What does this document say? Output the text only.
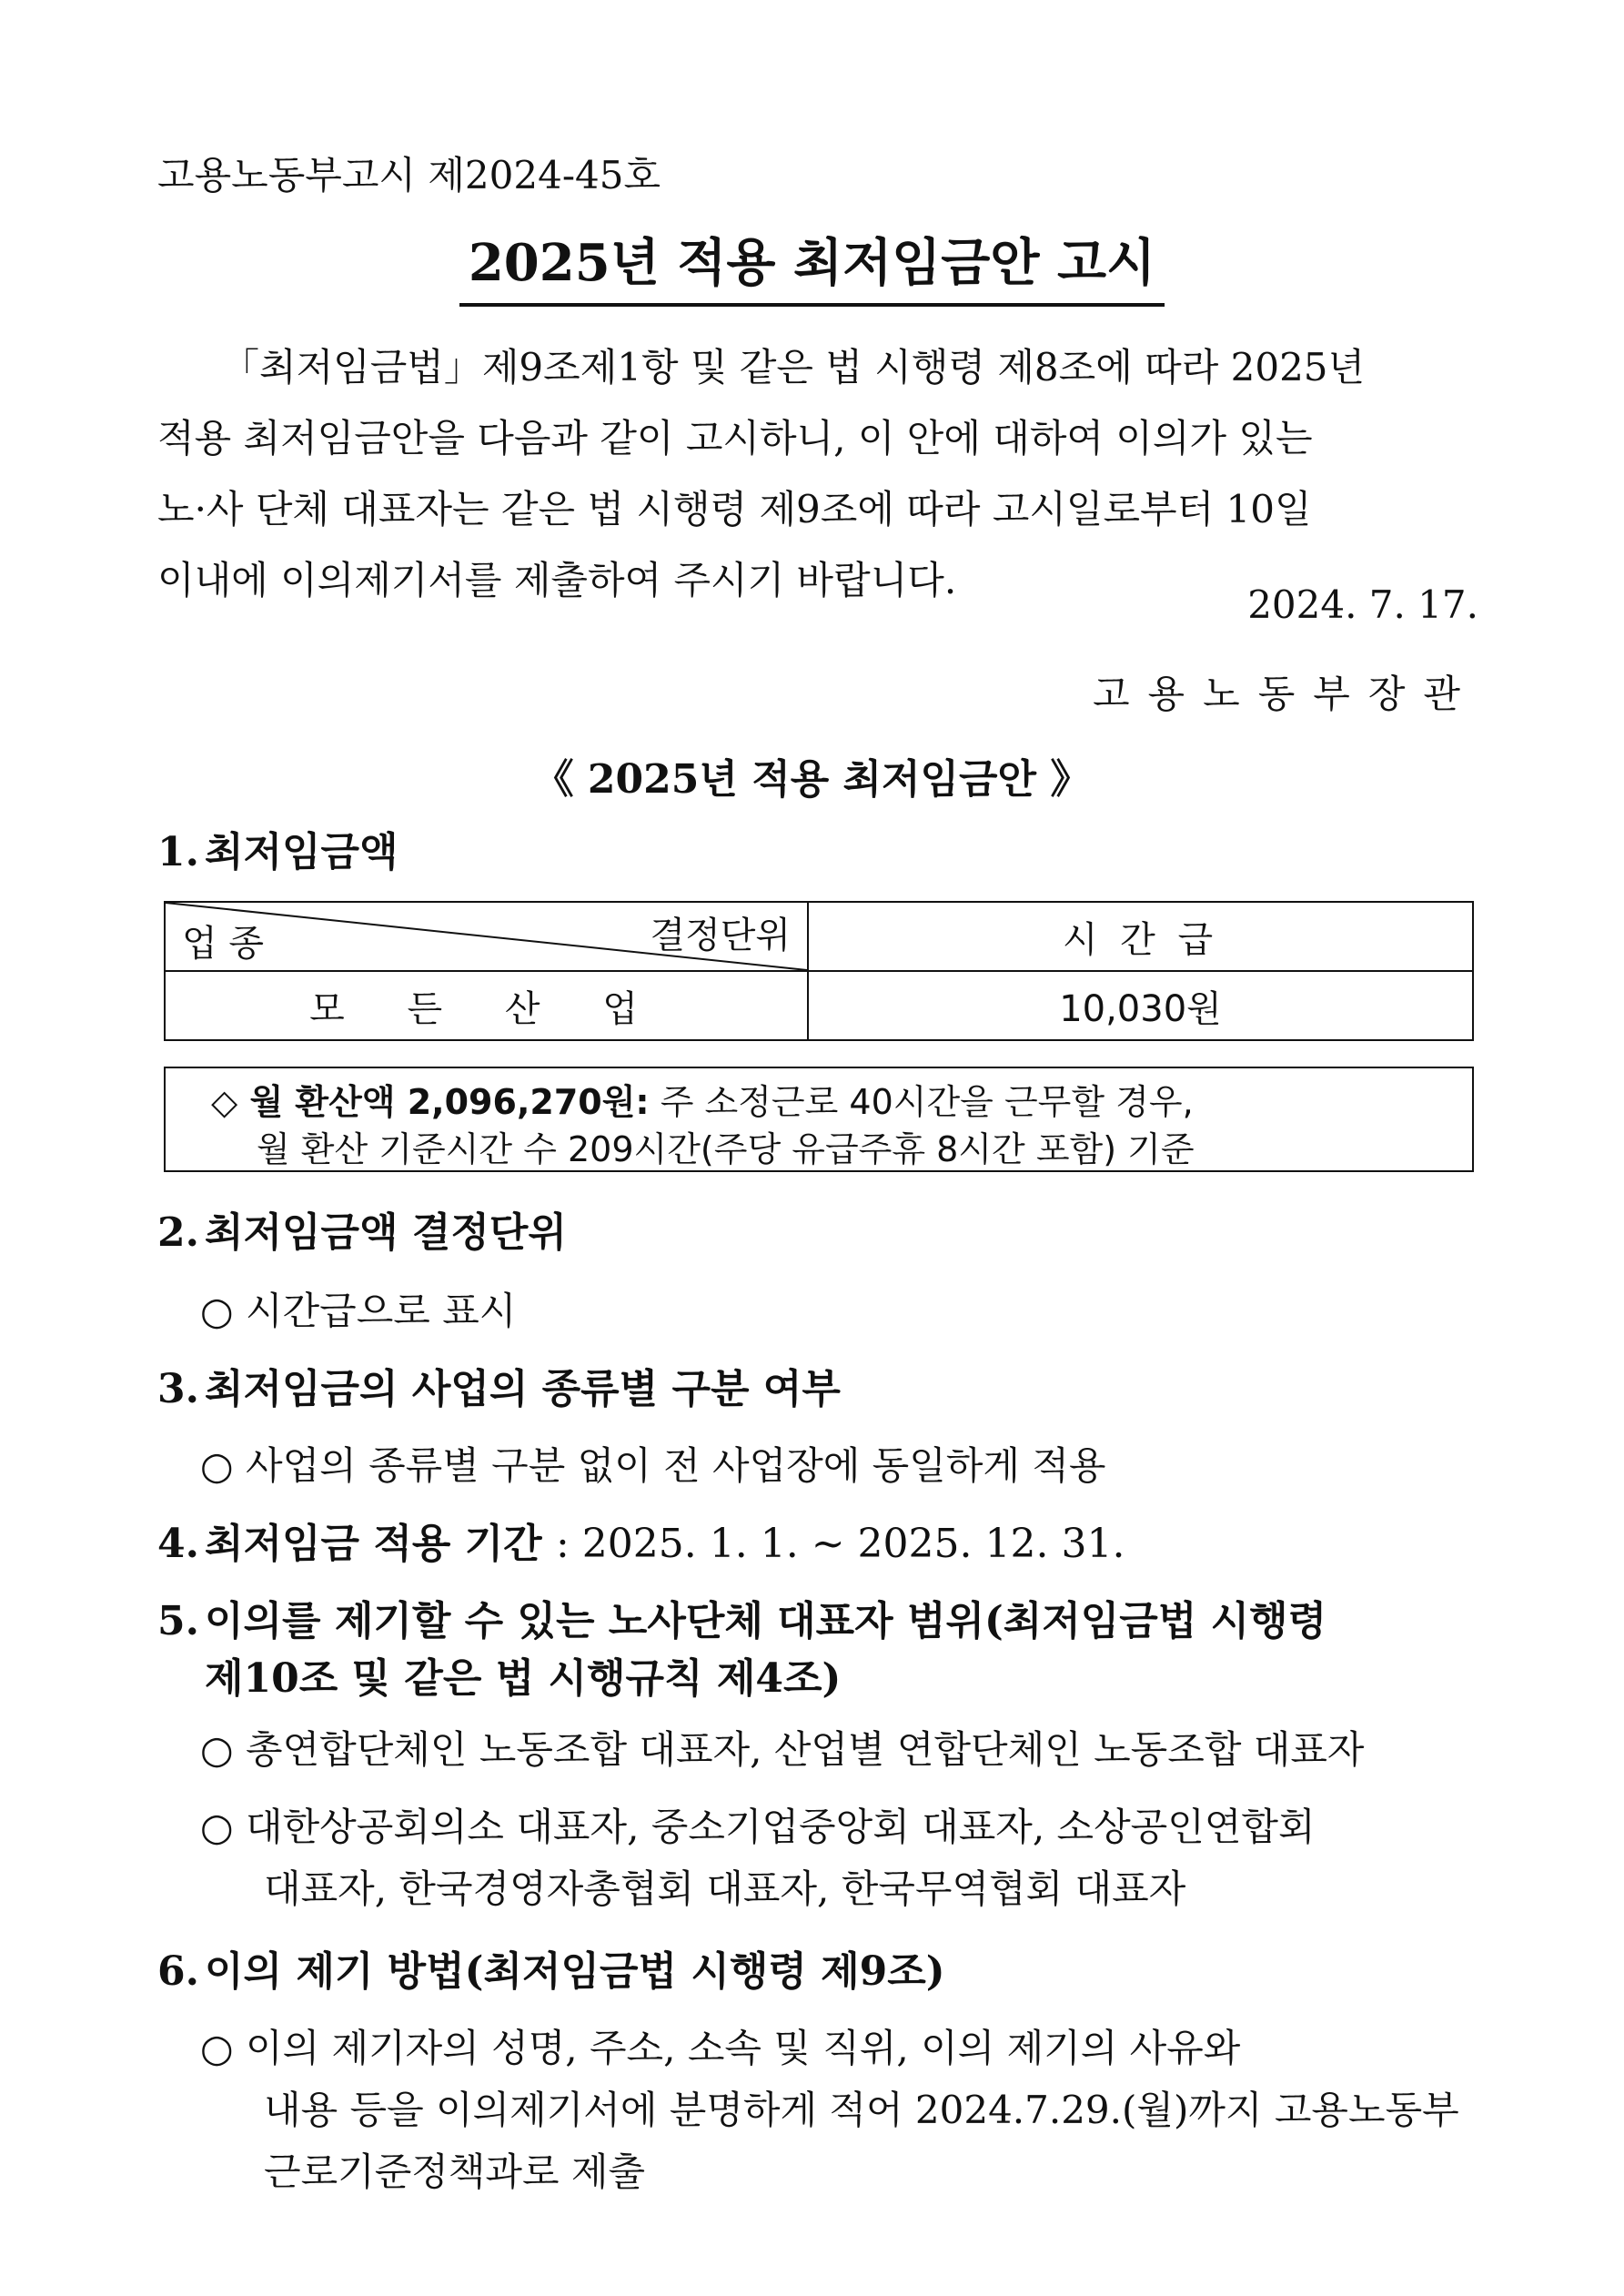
고용노동부고시 제2024-45호
2025년 적용 최저임금안 고시

「최저임금법」제9조제1항 및 같은 법 시행령 제8조에 따라 2025년

적용 최저임금안을 다음과 같이 고시하니, 이 안에 대하여 이의가 있는

노·사 단체 대표자는 같은 법 시행령 제9조에 따라 고시일로부터 10일

이내에 이의제기서를 제출하여 주시기 바랍니다.

2024. 7. 17.
고용노동부장관
《 2025년 적용 최저임금안 》
1. 최저임금액
결정단위
업 종	시 간 급
모 든 산 업	10,030원
◇ 월 환산액 2,096,270원: 주 소정근로 40시간을 근무할 경우,
월 환산 기준시간 수 209시간(주당 유급주휴 8시간 포함) 기준
2. 최저임금액 결정단위
○ 시간급으로 표시
3. 최저임금의 사업의 종류별 구분 여부
○ 사업의 종류별 구분 없이 전 사업장에 동일하게 적용
4. 최저임금 적용 기간 : 2025. 1. 1. ~ 2025. 12. 31.
5. 이의를 제기할 수 있는 노사단체 대표자 범위(최저임금법 시행령
제10조 및 같은 법 시행규칙 제4조)
○ 총연합단체인 노동조합 대표자, 산업별 연합단체인 노동조합 대표자
○ 대한상공회의소 대표자, 중소기업중앙회 대표자, 소상공인연합회
대표자, 한국경영자총협회 대표자, 한국무역협회 대표자
6. 이의 제기 방법(최저임금법 시행령 제9조)
○ 이의 제기자의 성명, 주소, 소속 및 직위, 이의 제기의 사유와
내용 등을 이의제기서에 분명하게 적어 2024.7.29.(월)까지 고용노동부
근로기준정책과로 제출
